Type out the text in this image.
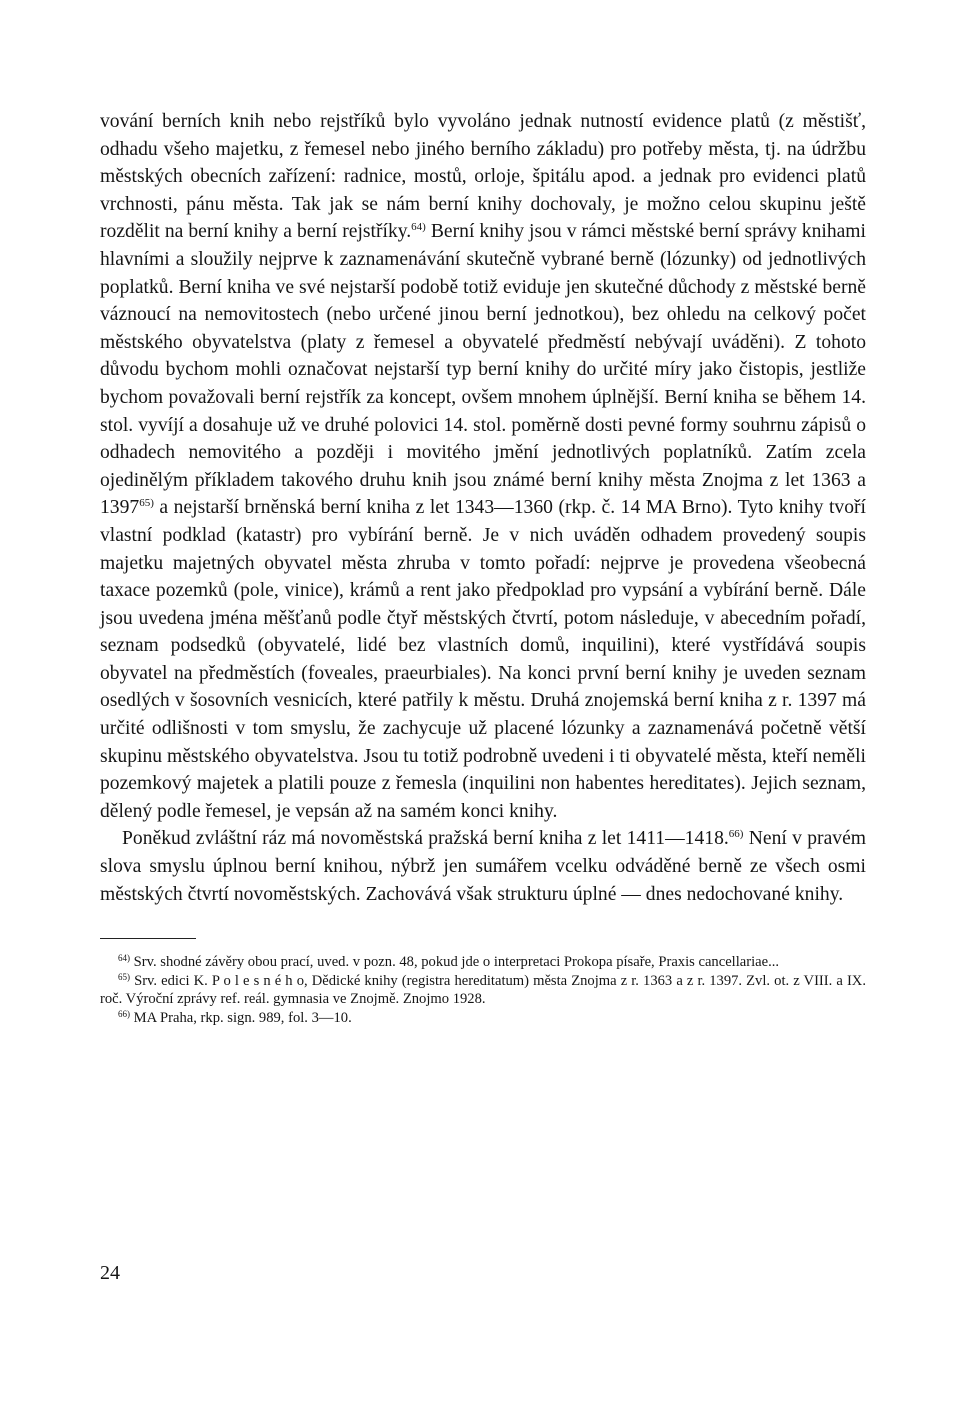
vování berních knih nebo rejstříků bylo vyvoláno jednak nutností evidence platů (z městišť, odhadu všeho majetku, z řemesel nebo jiného berního základu) pro potřeby města, tj. na údržbu městských obecních zařízení: radnice, mostů, orloje, špitálu apod. a jednak pro evidenci platů vrchnosti, pánu města. Tak jak se nám berní knihy dochovaly, je možno celou skupinu ještě rozdělit na berní knihy a berní rejstříky.$^{64)}$ Berní knihy jsou v rámci městské berní správy knihami hlavními a sloužily nejprve k zaznamenávání skutečně vybrané berně (lózunky) od jednotlivých poplatků. Berní kniha ve své nejstarší podobě totiž eviduje jen skutečné důchody z městské berně váznoucí na nemovitostech (nebo určené jinou berní jednotkou), bez ohledu na celkový počet městského obyvatelstva (platy z řemesel a obyvatelé předměstí nebývají uváděni). Z tohoto důvodu bychom mohli označovat nejstarší typ berní knihy do určité míry jako čistopis, jestliže bychom považovali berní rejstřík za koncept, ovšem mnohem úplnější. Berní kniha se během 14. stol. vyvíjí a dosahuje už ve druhé polovici 14. stol. poměrně dosti pevné formy souhrnu zápisů o odhadech nemovitého a později i movitého jmění jednotlivých poplatníků. Zatím zcela ojedinělým příkladem takového druhu knih jsou známé berní knihy města Znojma z let 1363 a 1397$^{65)}$ a nejstarší brněnská berní kniha z let 1343—1360 (rkp. č. 14 MA Brno). Tyto knihy tvoří vlastní podklad (katastr) pro vybírání berně. Je v nich uváděn odhadem provedený soupis majetku majetných obyvatel města zhruba v tomto pořadí: nejprve je provedena všeobecná taxace pozemků (pole, vinice), krámů a rent jako předpoklad pro vypsání a vybírání berně. Dále jsou uvedena jména měšťanů podle čtyř městských čtvrtí, potom následuje, v abecedním pořadí, seznam podsedků (obyvatelé, lidé bez vlastních domů, inquilini), které vystřídává soupis obyvatel na předměstích (foveales, praeurbiales). Na konci první berní knihy je uveden seznam osedlých v šosovních vesnicích, které patřily k městu. Druhá znojemská berní kniha z r. 1397 má určité odlišnosti v tom smyslu, že zachycuje už placené lózunky a zaznamenává početně větší skupinu městského obyvatelstva. Jsou tu totiž podrobně uvedeni i ti obyvatelé města, kteří neměli pozemkový majetek a platili pouze z řemesla (inquilini non habentes hereditates). Jejich seznam, dělený podle řemesel, je vepsán až na samém konci knihy.

Poněkud zvláštní ráz má novoměstská pražská berní kniha z let 1411—1418.$^{66)}$ Není v pravém slova smyslu úplnou berní knihou, nýbrž jen sumářem vcelku odváděné berně ze všech osmi městských čtvrtí novoměstských. Zachovává však strukturu úplné — dnes nedochované knihy.

$^{64)}$ Srv. shodné závěry obou prací, uved. v pozn. 48, pokud jde o interpretaci Prokopa písaře, Praxis cancellariae...

$^{65)}$ Srv. edici K. P o l e s n é h o, Dědické knihy (registra hereditatum) města Znojma z r. 1363 a z r. 1397. Zvl. ot. z VIII. a IX. roč. Výroční zprávy ref. reál. gymnasia ve Znojmě. Znojmo 1928.

$^{66)}$ MA Praha, rkp. sign. 989, fol. 3—10.

24
